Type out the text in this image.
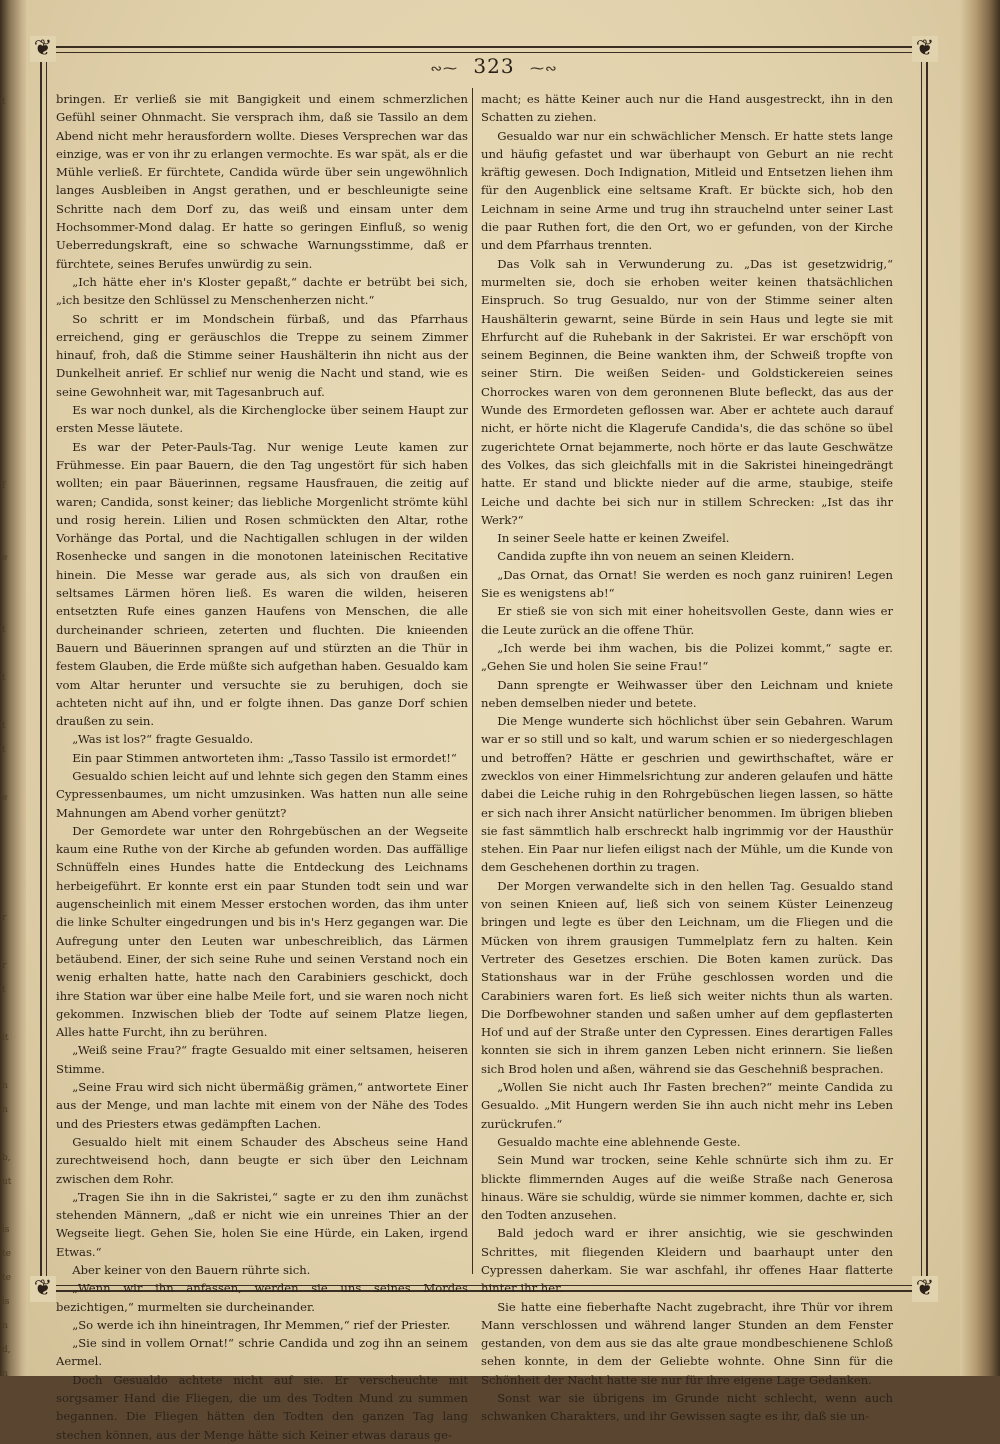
t

f

e

t

t

t
t

e

r

r
t

it

n
n

b,
ut

is
te
te
is
n
d,
n
❦	❦
❦	❦
∾⁓ 323 ⁓∾

bringen. Er verließ sie mit Bangigkeit und einem schmerzlichen Gefühl seiner Ohnmacht. Sie versprach ihm, daß sie Tassilo an dem Abend nicht mehr herausfordern wollte. Dieses Versprechen war das einzige, was er von ihr zu erlangen vermochte. Es war spät, als er die Mühle verließ. Er fürchtete, Candida würde über sein ungewöhnlich langes Ausbleiben in Angst gerathen, und er beschleunigte seine Schritte nach dem Dorf zu, das weiß und einsam unter dem Hochsommer-Mond dalag. Er hatte so geringen Einfluß, so wenig Ueberredungskraft, eine so schwache Warnungsstimme, daß er fürchtete, seines Berufes unwürdig zu sein.

„Ich hätte eher in's Kloster gepaßt,“ dachte er betrübt bei sich, „ich besitze den Schlüssel zu Menschenherzen nicht.“

So schritt er im Mondschein fürbaß, und das Pfarrhaus erreichend, ging er geräuschlos die Treppe zu seinem Zimmer hinauf, froh, daß die Stimme seiner Haushälterin ihn nicht aus der Dunkelheit anrief. Er schlief nur wenig die Nacht und stand, wie es seine Gewohnheit war, mit Tagesanbruch auf.

Es war noch dunkel, als die Kirchenglocke über seinem Haupt zur ersten Messe läutete.

Es war der Peter-Pauls-Tag. Nur wenige Leute kamen zur Frühmesse. Ein paar Bauern, die den Tag ungestört für sich haben wollten; ein paar Bäuerinnen, regsame Hausfrauen, die zeitig auf waren; Candida, sonst keiner; das liebliche Morgenlicht strömte kühl und rosig herein. Lilien und Rosen schmückten den Altar, rothe Vorhänge das Portal, und die Nachtigallen schlugen in der wilden Rosenhecke und sangen in die monotonen lateinischen Recitative hinein. Die Messe war gerade aus, als sich von draußen ein seltsames Lärmen hören ließ. Es waren die wilden, heiseren entsetzten Rufe eines ganzen Haufens von Menschen, die alle durcheinander schrieen, zeterten und fluchten. Die knieenden Bauern und Bäuerinnen sprangen auf und stürzten an die Thür in festem Glauben, die Erde müßte sich aufgethan haben. Gesualdo kam vom Altar herunter und versuchte sie zu beruhigen, doch sie achteten nicht auf ihn, und er folgte ihnen. Das ganze Dorf schien draußen zu sein.

„Was ist los?“ fragte Gesualdo.

Ein paar Stimmen antworteten ihm: „Tasso Tassilo ist ermordet!“

Gesualdo schien leicht auf und lehnte sich gegen den Stamm eines Cypressenbaumes, um nicht umzusinken. Was hatten nun alle seine Mahnungen am Abend vorher genützt?

Der Gemordete war unter den Rohrgebüschen an der Wegseite kaum eine Ruthe von der Kirche ab gefunden worden. Das auffällige Schnüffeln eines Hundes hatte die Entdeckung des Leichnams herbeigeführt. Er konnte erst ein paar Stunden todt sein und war augenscheinlich mit einem Messer erstochen worden, das ihm unter die linke Schulter eingedrungen und bis in's Herz gegangen war. Die Aufregung unter den Leuten war unbeschreiblich, das Lärmen betäubend. Einer, der sich seine Ruhe und seinen Verstand noch ein wenig erhalten hatte, hatte nach den Carabiniers geschickt, doch ihre Station war über eine halbe Meile fort, und sie waren noch nicht gekommen. Inzwischen blieb der Todte auf seinem Platze liegen, Alles hatte Furcht, ihn zu berühren.

„Weiß seine Frau?“ fragte Gesualdo mit einer seltsamen, heiseren Stimme.

„Seine Frau wird sich nicht übermäßig grämen,“ antwortete Einer aus der Menge, und man lachte mit einem von der Nähe des Todes und des Priesters etwas gedämpften Lachen.

Gesualdo hielt mit einem Schauder des Abscheus seine Hand zurechtweisend hoch, dann beugte er sich über den Leichnam zwischen dem Rohr.

„Tragen Sie ihn in die Sakristei,“ sagte er zu den ihm zunächst stehenden Männern, „daß er nicht wie ein unreines Thier an der Wegseite liegt. Gehen Sie, holen Sie eine Hürde, ein Laken, irgend Etwas.“

Aber keiner von den Bauern rührte sich.

„Wenn wir ihn anfassen, werden sie uns seines Mordes bezichtigen,“ murmelten sie durcheinander.

„So werde ich ihn hineintragen, Ihr Memmen,“ rief der Priester.

„Sie sind in vollem Ornat!“ schrie Candida und zog ihn an seinem Aermel.

Doch Gesualdo achtete nicht auf sie. Er verscheuchte mit sorgsamer Hand die Fliegen, die um des Todten Mund zu summen begannen. Die Fliegen hätten den Todten den ganzen Tag lang stechen können, aus der Menge hätte sich Keiner etwas daraus ge-

macht; es hätte Keiner auch nur die Hand ausgestreckt, ihn in den Schatten zu ziehen.

Gesualdo war nur ein schwächlicher Mensch. Er hatte stets lange und häufig gefastet und war überhaupt von Geburt an nie recht kräftig gewesen. Doch Indignation, Mitleid und Entsetzen liehen ihm für den Augenblick eine seltsame Kraft. Er bückte sich, hob den Leichnam in seine Arme und trug ihn strauchelnd unter seiner Last die paar Ruthen fort, die den Ort, wo er gefunden, von der Kirche und dem Pfarrhaus trennten.

Das Volk sah in Verwunderung zu. „Das ist gesetzwidrig,“ murmelten sie, doch sie erhoben weiter keinen thatsächlichen Einspruch. So trug Gesualdo, nur von der Stimme seiner alten Haushälterin gewarnt, seine Bürde in sein Haus und legte sie mit Ehrfurcht auf die Ruhebank in der Sakristei. Er war erschöpft von seinem Beginnen, die Beine wankten ihm, der Schweiß tropfte von seiner Stirn. Die weißen Seiden- und Goldstickereien seines Chorrockes waren von dem geronnenen Blute befleckt, das aus der Wunde des Ermordeten geflossen war. Aber er achtete auch darauf nicht, er hörte nicht die Klagerufe Candida's, die das schöne so übel zugerichtete Ornat bejammerte, noch hörte er das laute Geschwätze des Volkes, das sich gleichfalls mit in die Sakristei hineingedrängt hatte. Er stand und blickte nieder auf die arme, staubige, steife Leiche und dachte bei sich nur in stillem Schrecken: „Ist das ihr Werk?“

In seiner Seele hatte er keinen Zweifel.

Candida zupfte ihn von neuem an seinen Kleidern.

„Das Ornat, das Ornat! Sie werden es noch ganz ruiniren! Legen Sie es wenigstens ab!“

Er stieß sie von sich mit einer hoheitsvollen Geste, dann wies er die Leute zurück an die offene Thür.

„Ich werde bei ihm wachen, bis die Polizei kommt,“ sagte er. „Gehen Sie und holen Sie seine Frau!“

Dann sprengte er Weihwasser über den Leichnam und kniete neben demselben nieder und betete.

Die Menge wunderte sich höchlichst über sein Gebahren. Warum war er so still und so kalt, und warum schien er so niedergeschlagen und betroffen? Hätte er geschrien und gewirthschaftet, wäre er zwecklos von einer Himmelsrichtung zur anderen gelaufen und hätte dabei die Leiche ruhig in den Rohrgebüschen liegen lassen, so hätte er sich nach ihrer Ansicht natürlicher benommen. Im übrigen blieben sie fast sämmtlich halb erschreckt halb ingrimmig vor der Hausthür stehen. Ein Paar nur liefen eiligst nach der Mühle, um die Kunde von dem Geschehenen dorthin zu tragen.

Der Morgen verwandelte sich in den hellen Tag. Gesualdo stand von seinen Knieen auf, ließ sich von seinem Küster Leinenzeug bringen und legte es über den Leichnam, um die Fliegen und die Mücken von ihrem grausigen Tummelplatz fern zu halten. Kein Vertreter des Gesetzes erschien. Die Boten kamen zurück. Das Stationshaus war in der Frühe geschlossen worden und die Carabiniers waren fort. Es ließ sich weiter nichts thun als warten. Die Dorfbewohner standen und saßen umher auf dem gepflasterten Hof und auf der Straße unter den Cypressen. Eines derartigen Falles konnten sie sich in ihrem ganzen Leben nicht erinnern. Sie ließen sich Brod holen und aßen, während sie das Geschehniß besprachen.

„Wollen Sie nicht auch Ihr Fasten brechen?“ meinte Candida zu Gesualdo. „Mit Hungern werden Sie ihn auch nicht mehr ins Leben zurückrufen.“

Gesualdo machte eine ablehnende Geste.

Sein Mund war trocken, seine Kehle schnürte sich ihm zu. Er blickte flimmernden Auges auf die weiße Straße nach Generosa hinaus. Wäre sie schuldig, würde sie nimmer kommen, dachte er, sich den Todten anzusehen.

Bald jedoch ward er ihrer ansichtig, wie sie geschwinden Schrittes, mit fliegenden Kleidern und baarhaupt unter den Cypressen daherkam. Sie war aschfahl, ihr offenes Haar flatterte hinter ihr her.

Sie hatte eine fieberhafte Nacht zugebracht, ihre Thür vor ihrem Mann verschlossen und während langer Stunden an dem Fenster gestanden, von dem aus sie das alte graue mondbeschienene Schloß sehen konnte, in dem der Geliebte wohnte. Ohne Sinn für die Schönheit der Nacht hatte sie nur für ihre eigene Lage Gedanken.

Sonst war sie übrigens im Grunde nicht schlecht, wenn auch schwanken Charakters, und ihr Gewissen sagte es ihr, daß sie un-
